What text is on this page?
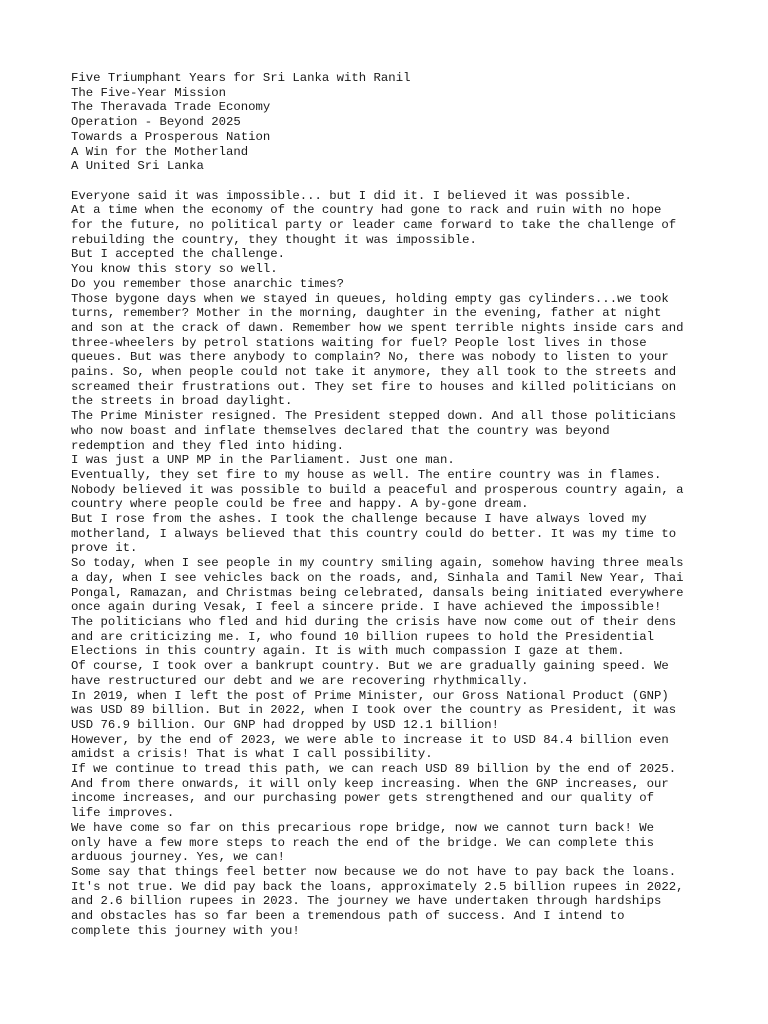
Five Triumphant Years for Sri Lanka with Ranil
The Five-Year Mission
The Theravada Trade Economy
Operation - Beyond 2025
Towards a Prosperous Nation
A Win for the Motherland
A United Sri Lanka
Everyone said it was impossible... but I did it. I believed it was possible.
At a time when the economy of the country had gone to rack and ruin with no hope
for the future, no political party or leader came forward to take the challenge of
rebuilding the country, they thought it was impossible.
But I accepted the challenge.
You know this story so well.
Do you remember those anarchic times?
Those bygone days when we stayed in queues, holding empty gas cylinders...we took
turns, remember? Mother in the morning, daughter in the evening, father at night
and son at the crack of dawn. Remember how we spent terrible nights inside cars and
three-wheelers by petrol stations waiting for fuel? People lost lives in those
queues. But was there anybody to complain? No, there was nobody to listen to your
pains. So, when people could not take it anymore, they all took to the streets and
screamed their frustrations out. They set fire to houses and killed politicians on
the streets in broad daylight.
The Prime Minister resigned. The President stepped down. And all those politicians
who now boast and inflate themselves declared that the country was beyond
redemption and they fled into hiding.
I was just a UNP MP in the Parliament. Just one man.
Eventually, they set fire to my house as well. The entire country was in flames.
Nobody believed it was possible to build a peaceful and prosperous country again, a
country where people could be free and happy. A by-gone dream.
But I rose from the ashes. I took the challenge because I have always loved my
motherland, I always believed that this country could do better. It was my time to
prove it.
So today, when I see people in my country smiling again, somehow having three meals
a day, when I see vehicles back on the roads, and, Sinhala and Tamil New Year, Thai
Pongal, Ramazan, and Christmas being celebrated, dansals being initiated everywhere
once again during Vesak, I feel a sincere pride. I have achieved the impossible!
The politicians who fled and hid during the crisis have now come out of their dens
and are criticizing me. I, who found 10 billion rupees to hold the Presidential
Elections in this country again. It is with much compassion I gaze at them.
Of course, I took over a bankrupt country. But we are gradually gaining speed. We
have restructured our debt and we are recovering rhythmically.
In 2019, when I left the post of Prime Minister, our Gross National Product (GNP)
was USD 89 billion. But in 2022, when I took over the country as President, it was
USD 76.9 billion. Our GNP had dropped by USD 12.1 billion!
However, by the end of 2023, we were able to increase it to USD 84.4 billion even
amidst a crisis! That is what I call possibility.
If we continue to tread this path, we can reach USD 89 billion by the end of 2025.
And from there onwards, it will only keep increasing. When the GNP increases, our
income increases, and our purchasing power gets strengthened and our quality of
life improves.
We have come so far on this precarious rope bridge, now we cannot turn back! We
only have a few more steps to reach the end of the bridge. We can complete this
arduous journey. Yes, we can!
Some say that things feel better now because we do not have to pay back the loans.
It's not true. We did pay back the loans, approximately 2.5 billion rupees in 2022,
and 2.6 billion rupees in 2023. The journey we have undertaken through hardships
and obstacles has so far been a tremendous path of success. And I intend to
complete this journey with you!
